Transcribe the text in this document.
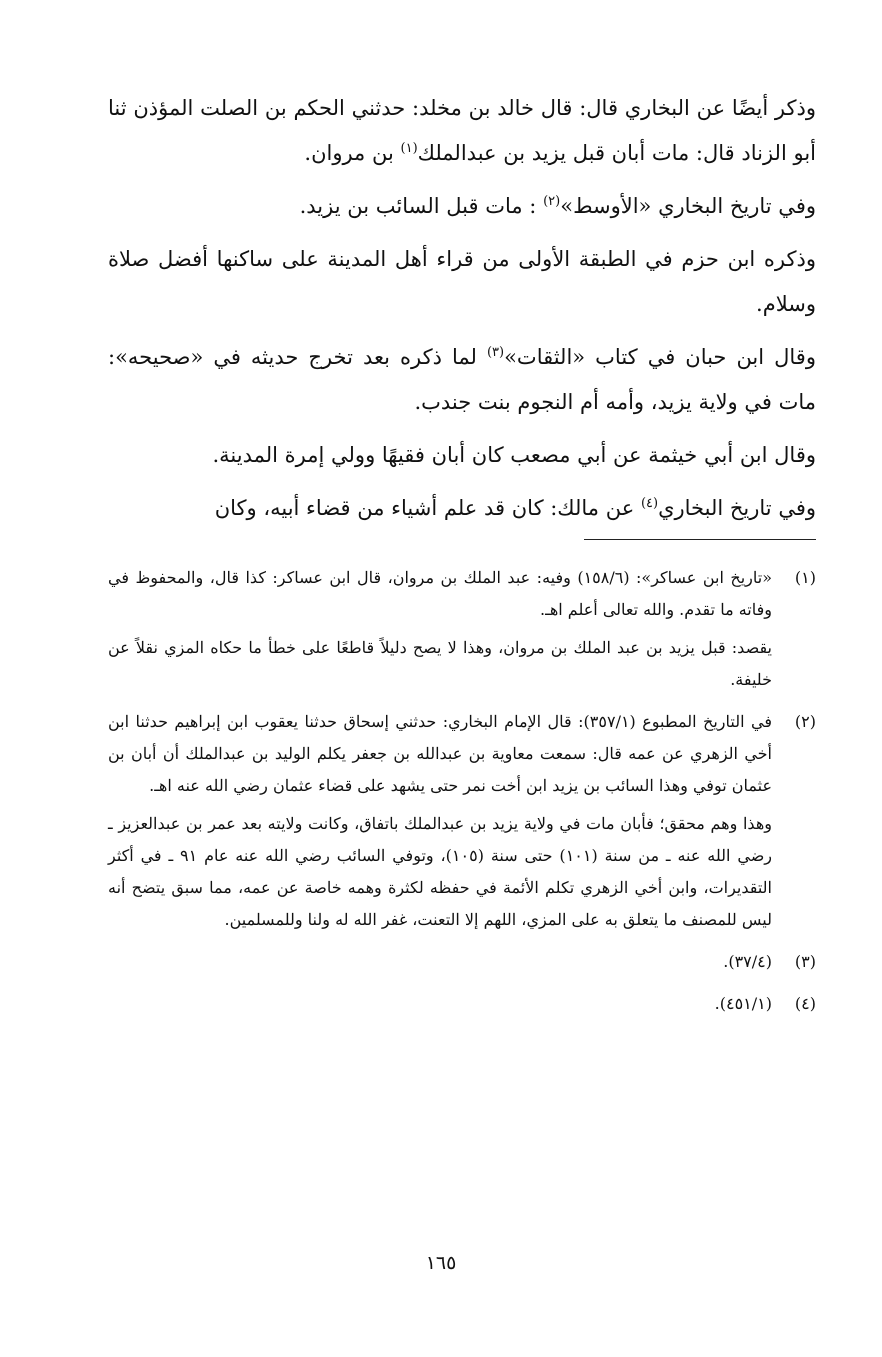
وذكر أيضًا عن البخاري قال: قال خالد بن مخلد: حدثني الحكم بن الصلت المؤذن ثنا أبو الزناد قال: مات أبان قبل يزيد بن عبدالملك$^{(١)}$ بن مروان.

وفي تاريخ البخاري «الأوسط»$^{(٢)}$ : مات قبل السائب بن يزيد.

وذكره ابن حزم في الطبقة الأولى من قراء أهل المدينة على ساكنها أفضل صلاة وسلام.

وقال ابن حبان في كتاب «الثقات»$^{(٣)}$ لما ذكره بعد تخرج حديثه في «صحيحه»: مات في ولاية يزيد، وأمه أم النجوم بنت جندب.

وقال ابن أبي خيثمة عن أبي مصعب كان أبان فقيهًا وولي إمرة المدينة.

وفي تاريخ البخاري$^{(٤)}$ عن مالك: كان قد علم أشياء من قضاء أبيه، وكان

(١)

«تاريخ ابن عساكر»: (١٥٨/٦) وفيه: عبد الملك بن مروان، قال ابن عساكر: كذا قال، والمحفوظ في وفاته ما تقدم. والله تعالى أعلم اهـ.

يقصد: قبل يزيد بن عبد الملك بن مروان، وهذا لا يصح دليلاً قاطعًا على خطأ ما حكاه المزي نقلاً عن خليفة.

(٢)

في التاريخ المطبوع (٣٥٧/١): قال الإمام البخاري: حدثني إسحاق حدثنا يعقوب ابن إبراهيم حدثنا ابن أخي الزهري عن عمه قال: سمعت معاوية بن عبدالله بن جعفر يكلم الوليد بن عبدالملك أن أبان بن عثمان توفي وهذا السائب بن يزيد ابن أخت نمر حتى يشهد على قضاء عثمان رضي الله عنه اهـ.

وهذا وهم محقق؛ فأبان مات في ولاية يزيد بن عبدالملك باتفاق، وكانت ولايته بعد عمر بن عبدالعزيز ـ رضي الله عنه ـ من سنة (١٠١) حتى سنة (١٠٥)، وتوفي السائب رضي الله عنه عام ٩١ ـ في أكثر التقديرات، وابن أخي الزهري تكلم الأئمة في حفظه لكثرة وهمه خاصة عن عمه، مما سبق يتضح أنه ليس للمصنف ما يتعلق به على المزي، اللهم إلا التعنت، غفر الله له ولنا وللمسلمين.

(٣)

(٣٧/٤).

(٤)

(٤٥١/١).

١٦٥
